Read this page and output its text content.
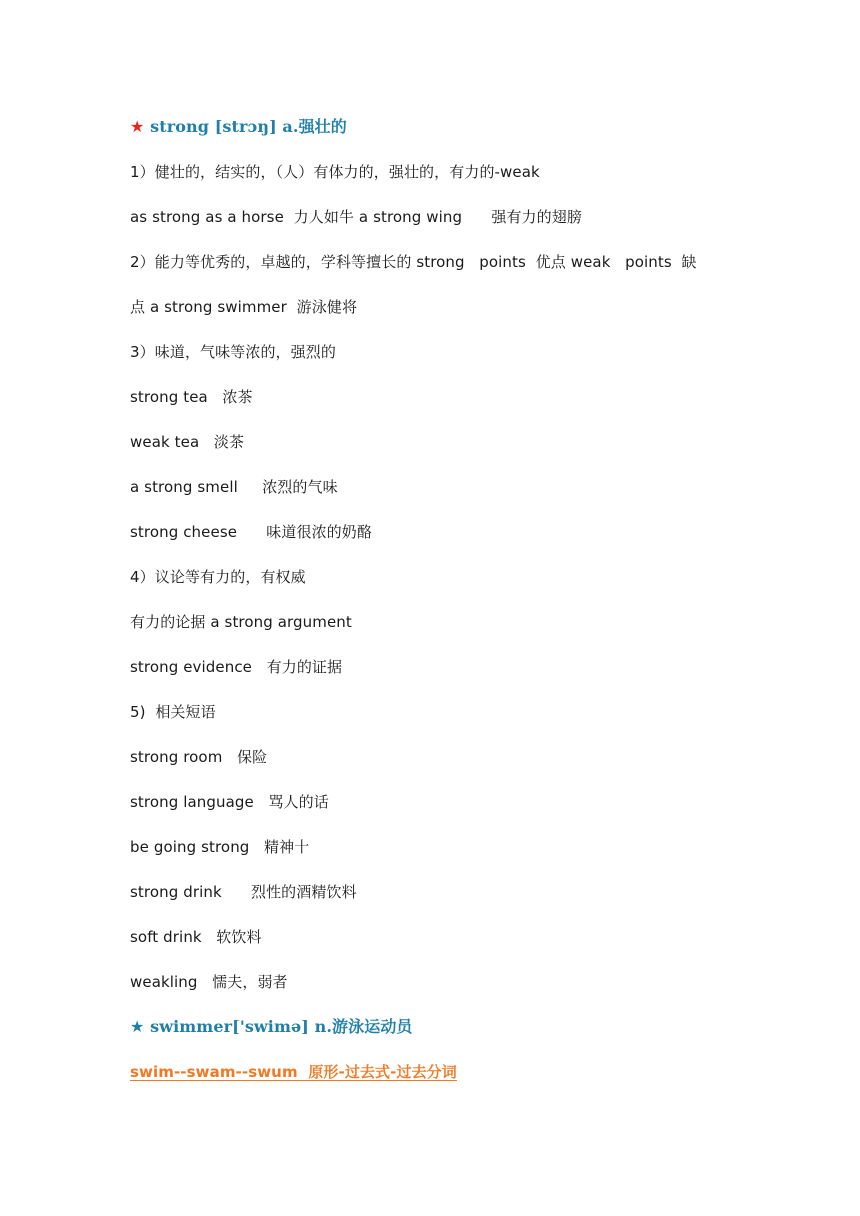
★ strong [strɔŋ] a.强壮的
1）健壮的，结实的，（人）有体力的，强壮的，有力的-weak
as strong as a horse  力人如牛 a strong wing      强有力的翅膀
2）能力等优秀的，卓越的，学科等擅长的 strong   points  优点 weak   points  缺
点 a strong swimmer  游泳健将
3）味道，气味等浓的，强烈的
strong tea   浓茶
weak tea   淡茶
a strong smell     浓烈的气味
strong cheese      味道很浓的奶酪
4）议论等有力的，有权威
有力的论据 a strong argument
strong evidence   有力的证据
5)  相关短语
strong room   保险
strong language   骂人的话
be going strong   精神十
strong drink      烈性的酒精饮料
soft drink   软饮料
weakling   懦夫，弱者
★ swimmer['swimə] n.游泳运动员
swim--swam--swum  原形-过去式-过去分词
